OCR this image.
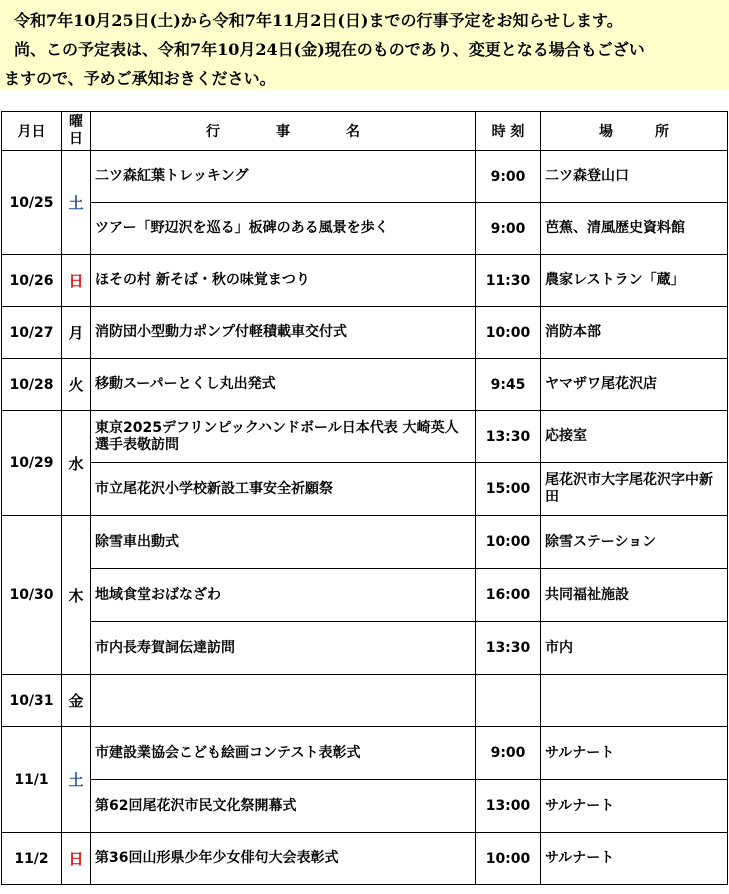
令和7年10月25日(土)から令和7年11月2日(日)までの行事予定をお知らせします。

尚、この予定表は、令和7年10月24日(金)現在のものであり、変更となる場合もござい

ますので、予めご承知おきください。

月日	曜日	行　　　　事　　　　名	時 刻	場　　　所
10/25	土	二ツ森紅葉トレッキング	9:00	二ツ森登山口
		ツアー「野辺沢を巡る」板碑のある風景を歩く	9:00	芭蕉、清風歴史資料館
10/26	日	ほその村 新そば・秋の味覚まつり	11:30	農家レストラン「蔵」
10/27	月	消防団小型動力ポンプ付軽積載車交付式	10:00	消防本部
10/28	火	移動スーパーとくし丸出発式	9:45	ヤマザワ尾花沢店
10/29	水	東京2025デフリンピックハンドボール日本代表 大崎英人選手表敬訪問	13:30	応接室
		市立尾花沢小学校新設工事安全祈願祭	15:00	尾花沢市大字尾花沢字中新田
10/30	木	除雪車出動式	10:00	除雪ステーション
		地域食堂おばなざわ	16:00	共同福祉施設
		市内長寿賀詞伝達訪問	13:30	市内
10/31	金			
11/1	土	市建設業協会こども絵画コンテスト表彰式	9:00	サルナート
		第62回尾花沢市民文化祭開幕式	13:00	サルナート
11/2	日	第36回山形県少年少女俳句大会表彰式	10:00	サルナート
